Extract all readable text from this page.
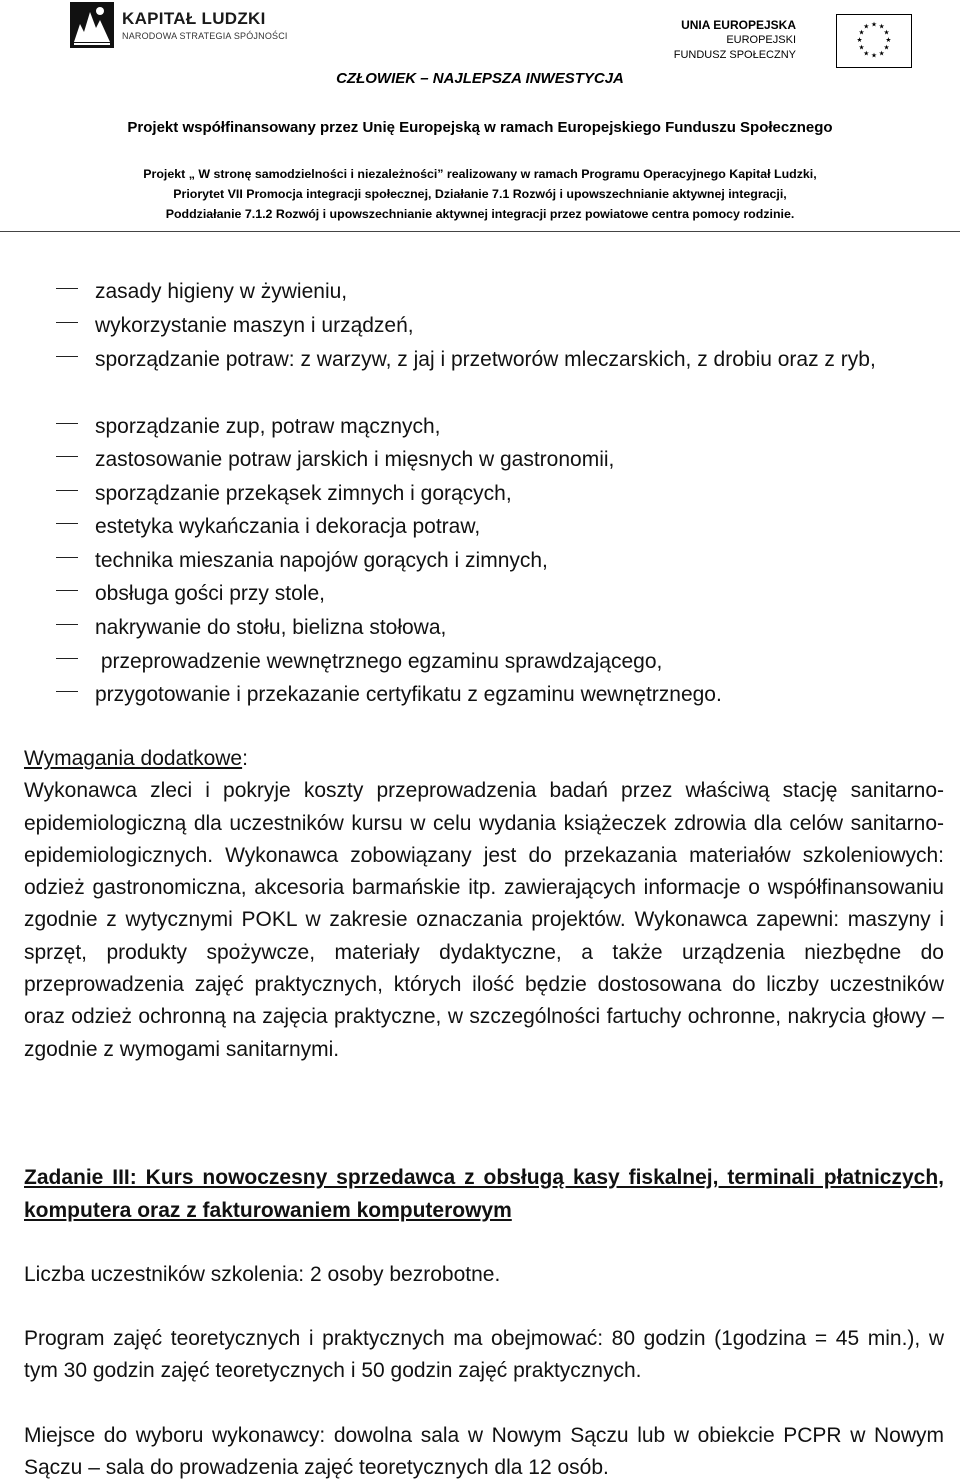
KAPITAŁ LUDZKI
NARODOWA STRATEGIA SPÓJNOŚCI
UNIA EUROPEJSKA
EUROPEJSKI
FUNDUSZ SPOŁECZNY
★ ★
★
★
★
★
★
★
★
★
★
★
CZŁOWIEK – NAJLEPSZA INWESTYCJA
Projekt współfinansowany przez Unię Europejską w ramach Europejskiego Funduszu Społecznego
Projekt „ W stronę samodzielności i niezależności” realizowany w ramach Programu Operacyjnego Kapitał Ludzki,
Priorytet VII Promocja integracji społecznej, Działanie 7.1 Rozwój i upowszechnianie aktywnej integracji,
Poddziałanie 7.1.2 Rozwój i upowszechnianie aktywnej integracji przez powiatowe centra pomocy rodzinie.
zasady higieny w żywieniu,
wykorzystanie maszyn i urządzeń,
sporządzanie potraw: z warzyw, z jaj i przetworów mleczarskich, z drobiu oraz z ryb,
sporządzanie zup, potraw mącznych,
zastosowanie potraw jarskich i mięsnych w gastronomii,
sporządzanie przekąsek zimnych i gorących,
estetyka wykańczania i dekoracja potraw,
technika mieszania napojów gorących i zimnych,
obsługa gości przy stole,
nakrywanie do stołu, bielizna stołowa,
przeprowadzenie wewnętrznego egzaminu sprawdzającego,
przygotowanie i przekazanie certyfikatu z egzaminu wewnętrznego.
Wymagania dodatkowe:
Wykonawca zleci i pokryje koszty przeprowadzenia badań przez właściwą stację sanitarno-epidemiologiczną dla uczestników kursu w celu wydania książeczek zdrowia dla celów sanitarno-epidemiologicznych. Wykonawca zobowiązany jest do przekazania materiałów szkoleniowych: odzież gastronomiczna, akcesoria barmańskie itp. zawierających informacje o współfinansowaniu zgodnie z wytycznymi POKL w zakresie oznaczania projektów. Wykonawca zapewni: maszyny i sprzęt, produkty spożywcze, materiały dydaktyczne, a także urządzenia niezbędne do przeprowadzenia zajęć praktycznych, których ilość będzie dostosowana do liczby uczestników oraz odzież ochronną na zajęcia praktyczne, w szczególności fartuchy ochronne, nakrycia głowy – zgodnie z wymogami sanitarnymi.
Zadanie III: Kurs nowoczesny sprzedawca z obsługą kasy fiskalnej, terminali płatniczych, komputera oraz z fakturowaniem komputerowym
Liczba uczestników szkolenia: 2 osoby bezrobotne.
Program zajęć teoretycznych i praktycznych ma obejmować: 80 godzin (1godzina = 45 min.), w tym 30 godzin zajęć teoretycznych i 50 godzin zajęć praktycznych.
Miejsce do wyboru wykonawcy: dowolna sala w Nowym Sączu lub w obiekcie PCPR w Nowym Sączu – sala do prowadzenia zajęć teoretycznych dla 12 osób.
